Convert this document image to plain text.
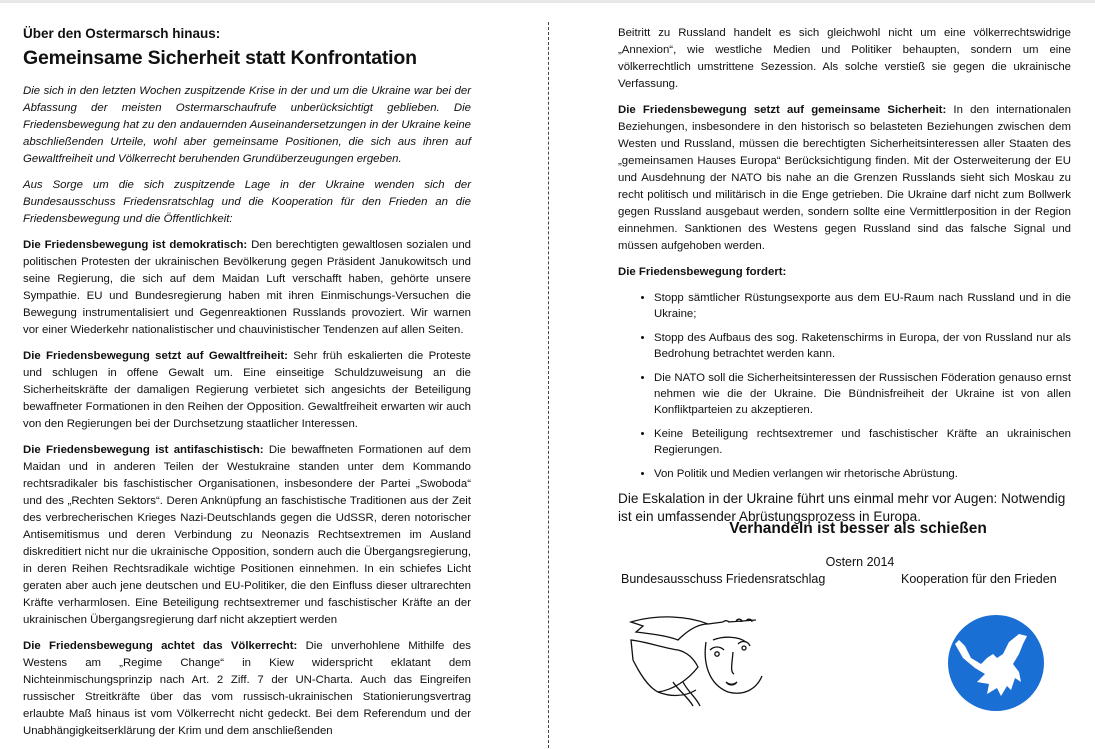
Über den Ostermarsch hinaus:
Gemeinsame Sicherheit statt Konfrontation

Die sich in den letzten Wochen zuspitzende Krise in der und um die Ukraine war bei der Abfassung der meisten Ostermarschaufrufe unberücksichtigt geblieben. Die Friedensbewegung hat zu den andauernden Auseinandersetzungen in der Ukraine keine abschließenden Urteile, wohl aber gemeinsame Positionen, die sich aus ihren auf Gewaltfreiheit und Völkerrecht beruhenden Grundüberzeugungen ergeben.

Aus Sorge um die sich zuspitzende Lage in der Ukraine wenden sich der Bundesausschuss Friedensratschlag und die Kooperation für den Frieden an die Friedensbewegung und die Öffentlichkeit:

Die Friedensbewegung ist demokratisch: Den berechtigten gewaltlosen sozialen und politischen Protesten der ukrainischen Bevölkerung gegen Präsident Janukowitsch und seine Regierung, die sich auf dem Maidan Luft verschafft haben, gehörte unsere Sympathie. EU und Bundesregierung haben mit ihren Einmischungs-Versuchen die Bewegung instrumentalisiert und Gegenreaktionen Russlands provoziert. Wir warnen vor einer Wiederkehr nationalistischer und chauvinistischer Tendenzen auf allen Seiten.

Die Friedensbewegung setzt auf Gewaltfreiheit: Sehr früh eskalierten die Proteste und schlugen in offene Gewalt um. Eine einseitige Schuldzuweisung an die Sicherheitskräfte der damaligen Regierung verbietet sich angesichts der Beteiligung bewaffneter Formationen in den Reihen der Opposition. Gewaltfreiheit erwarten wir auch von den Regierungen bei der Durchsetzung staatlicher Interessen.

Die Friedensbewegung ist antifaschistisch: Die bewaffneten Formationen auf dem Maidan und in anderen Teilen der Westukraine standen unter dem Kommando rechtsradikaler bis faschistischer Organisationen, insbesondere der Partei „Swoboda“ und des „Rechten Sektors“. Deren Anknüpfung an faschistische Traditionen aus der Zeit des verbrecherischen Krieges Nazi-Deutschlands gegen die UdSSR, deren notorischer Antisemitismus und deren Verbindung zu Neonazis Rechtsextremen im Ausland diskreditiert nicht nur die ukrainische Opposition, sondern auch die Übergangsregierung, in deren Reihen Rechtsradikale wichtige Positionen einnehmen. In ein schiefes Licht geraten aber auch jene deutschen und EU-Politiker, die den Einfluss dieser ultrarechten Kräfte verharmlosen. Eine Beteiligung rechtsextremer und faschistischer Kräfte an der ukrainischen Übergangsregierung darf nicht akzeptiert werden

Die Friedensbewegung achtet das Völkerrecht: Die unverhohlene Mithilfe des Westens am „Regime Change“ in Kiew widerspricht eklatant dem Nichteinmischungsprinzip nach Art. 2 Ziff. 7 der UN-Charta. Auch das Eingreifen russischer Streitkräfte über das vom russisch-ukrainischen Stationierungsvertrag erlaubte Maß hinaus ist vom Völkerrecht nicht gedeckt. Bei dem Referendum und der Unabhängigkeitserklärung der Krim und dem anschließenden

Beitritt zu Russland handelt es sich gleichwohl nicht um eine völkerrechtswidrige „Annexion“, wie westliche Medien und Politiker behaupten, sondern um eine völkerrechtlich umstrittene Sezession. Als solche verstieß sie gegen die ukrainische Verfassung.

Die Friedensbewegung setzt auf gemeinsame Sicherheit: In den internationalen Beziehungen, insbesondere in den historisch so belasteten Beziehungen zwischen dem Westen und Russland, müssen die berechtigten Sicherheitsinteressen aller Staaten des „gemeinsamen Hauses Europa“ Berücksichtigung finden. Mit der Osterweiterung der EU und Ausdehnung der NATO bis nahe an die Grenzen Russlands sieht sich Moskau zu recht politisch und militärisch in die Enge getrieben. Die Ukraine darf nicht zum Bollwerk gegen Russland ausgebaut werden, sondern sollte eine Vermittlerposition in der Region einnehmen. Sanktionen des Westens gegen Russland sind das falsche Signal und müssen aufgehoben werden.

Die Friedensbewegung fordert:

• Stopp sämtlicher Rüstungsexporte aus dem EU-Raum nach Russland und in die Ukraine;
• Stopp des Aufbaus des sog. Raketenschirms in Europa, der von Russland nur als Bedrohung betrachtet werden kann.
• Die NATO soll die Sicherheitsinteressen der Russischen Föderation genauso ernst nehmen wie die der Ukraine. Die Bündnisfreiheit der Ukraine ist von allen Konfliktparteien zu akzeptieren.
• Keine Beteiligung rechtsextremer und faschistischer Kräfte an ukrainischen Regierungen.
• Von Politik und Medien verlangen wir rhetorische Abrüstung.

Die Eskalation in der Ukraine führt uns einmal mehr vor Augen: Notwendig ist ein umfassender Abrüstungsprozess in Europa.

Verhandeln ist besser als schießen
Ostern 2014
Bundesausschuss Friedensratschlag	Kooperation für den Frieden
